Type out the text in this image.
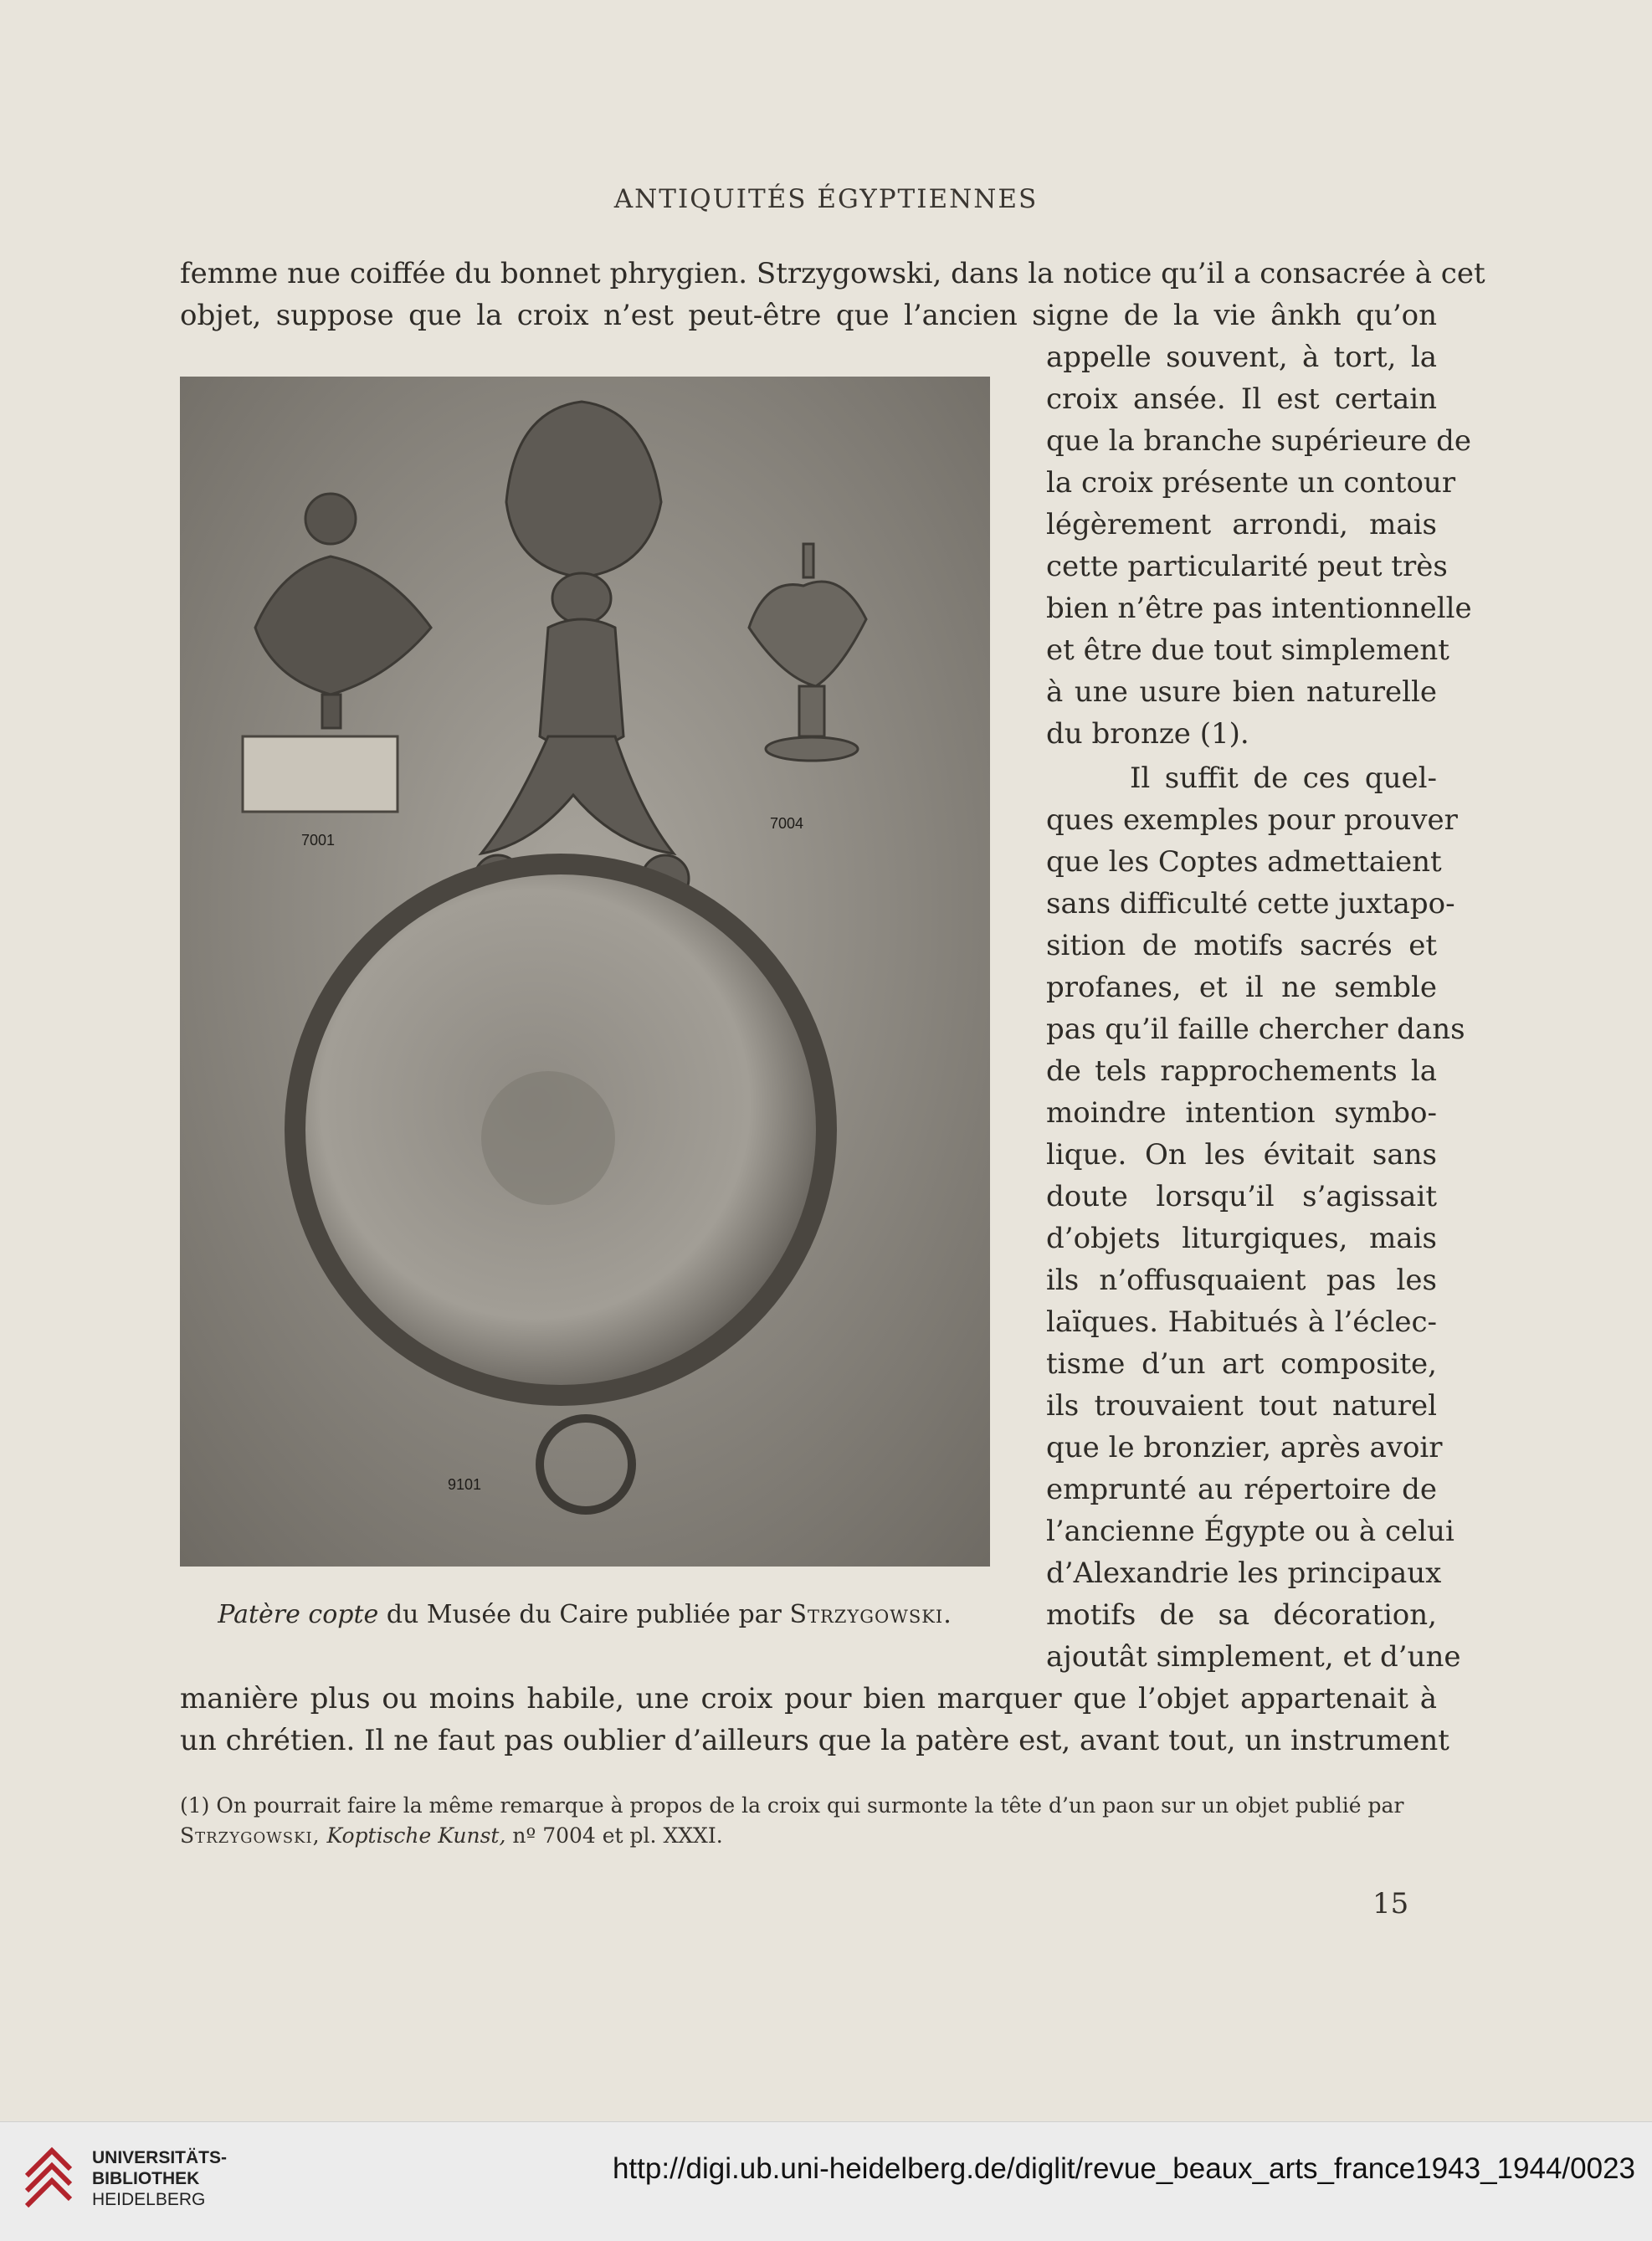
ANTIQUITÉS ÉGYPTIENNES
femme nue coiffée du bonnet phrygien. Strzygowski, dans la notice qu’il a consacrée à cet
objet, suppose que la croix n’est peut-être que l’ancien signe de la vie ânkh qu’on
appelle souvent, à tort, la
croix ansée. Il est certain
que la branche supérieure de
la croix présente un contour
légèrement arrondi, mais
cette particularité peut très
bien n’être pas intentionnelle
et être due tout simplement
à une usure bien naturelle
du bronze (1).
Il suffit de ces quel-
ques exemples pour prouver
que les Coptes admettaient
sans difficulté cette juxtapo-
sition de motifs sacrés et
profanes, et il ne semble
pas qu’il faille chercher dans
de tels rapprochements la
moindre intention symbo-
lique. On les évitait sans
doute lorsqu’il s’agissait
d’objets liturgiques, mais
ils n’offusquaient pas les
laïques. Habitués à l’éclec-
tisme d’un art composite,
ils trouvaient tout naturel
que le bronzier, après avoir
emprunté au répertoire de
l’ancienne Égypte ou à celui
d’Alexandrie les principaux
motifs de sa décoration,
ajoutât simplement, et d’une
manière plus ou moins habile, une croix pour bien marquer que l’objet appartenait à
un chrétien. Il ne faut pas oublier d’ailleurs que la patère est, avant tout, un instrument
7001
7004
9101
Patère copte du Musée du Caire publiée par Strzygowski.
(1) On pourrait faire la même remarque à propos de la croix qui surmonte la tête d’un paon sur un objet publié par
Strzygowski, Koptische Kunst, nº 7004 et pl. XXXI.
15
UNIVERSITÄTS-
BIBLIOTHEK
HEIDELBERG
http://digi.ub.uni-heidelberg.de/diglit/revue_beaux_arts_france1943_1944/0023
